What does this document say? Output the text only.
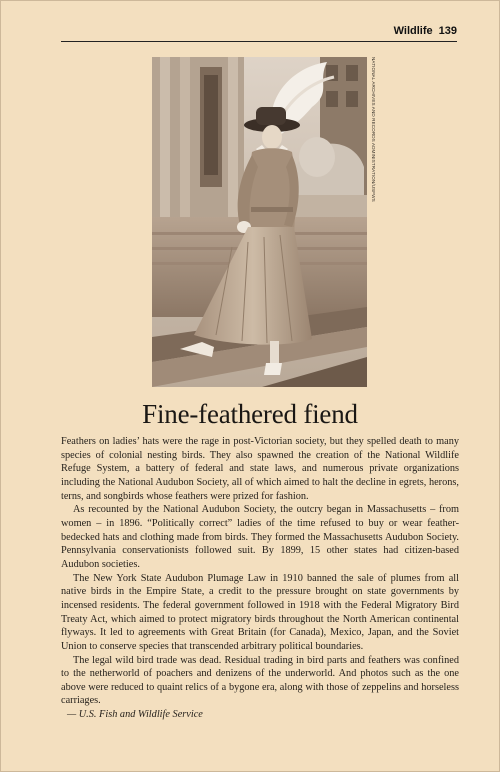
Wildlife 139
NATIONAL ARCHIVES AND RECORDS ADMINISTRATION/USFWS
Fine-feathered fiend

Feathers on ladies’ hats were the rage in post-Victorian society, but they spelled death to many species of colonial nesting birds. They also spawned the creation of the National Wildlife Refuge System, a battery of federal and state laws, and numerous private organizations including the National Audubon Society, all of which aimed to halt the decline in egrets, herons, terns, and songbirds whose feathers were prized for fashion.

As recounted by the National Audubon Society, the outcry began in Massachusetts – from women – in 1896. “Politically correct” ladies of the time refused to buy or wear feather-bedecked hats and clothing made from birds. They formed the Massachusetts Audubon Society. Pennsylvania conservationists followed suit. By 1899, 15 other states had citizen-based Audubon societies.

The New York State Audubon Plumage Law in 1910 banned the sale of plumes from all native birds in the Empire State, a credit to the pressure brought on state governments by incensed residents. The federal government followed in 1918 with the Federal Migratory Bird Treaty Act, which aimed to protect migratory birds throughout the North American continental flyways. It led to agreements with Great Britain (for Canada), Mexico, Japan, and the Soviet Union to conserve species that transcended arbitrary political boundaries.

The legal wild bird trade was dead. Residual trading in bird parts and feathers was confined to the netherworld of poachers and denizens of the underworld. And photos such as the one above were reduced to quaint relics of a bygone era, along with those of zeppelins and horseless carriages.

— U.S. Fish and Wildlife Service
